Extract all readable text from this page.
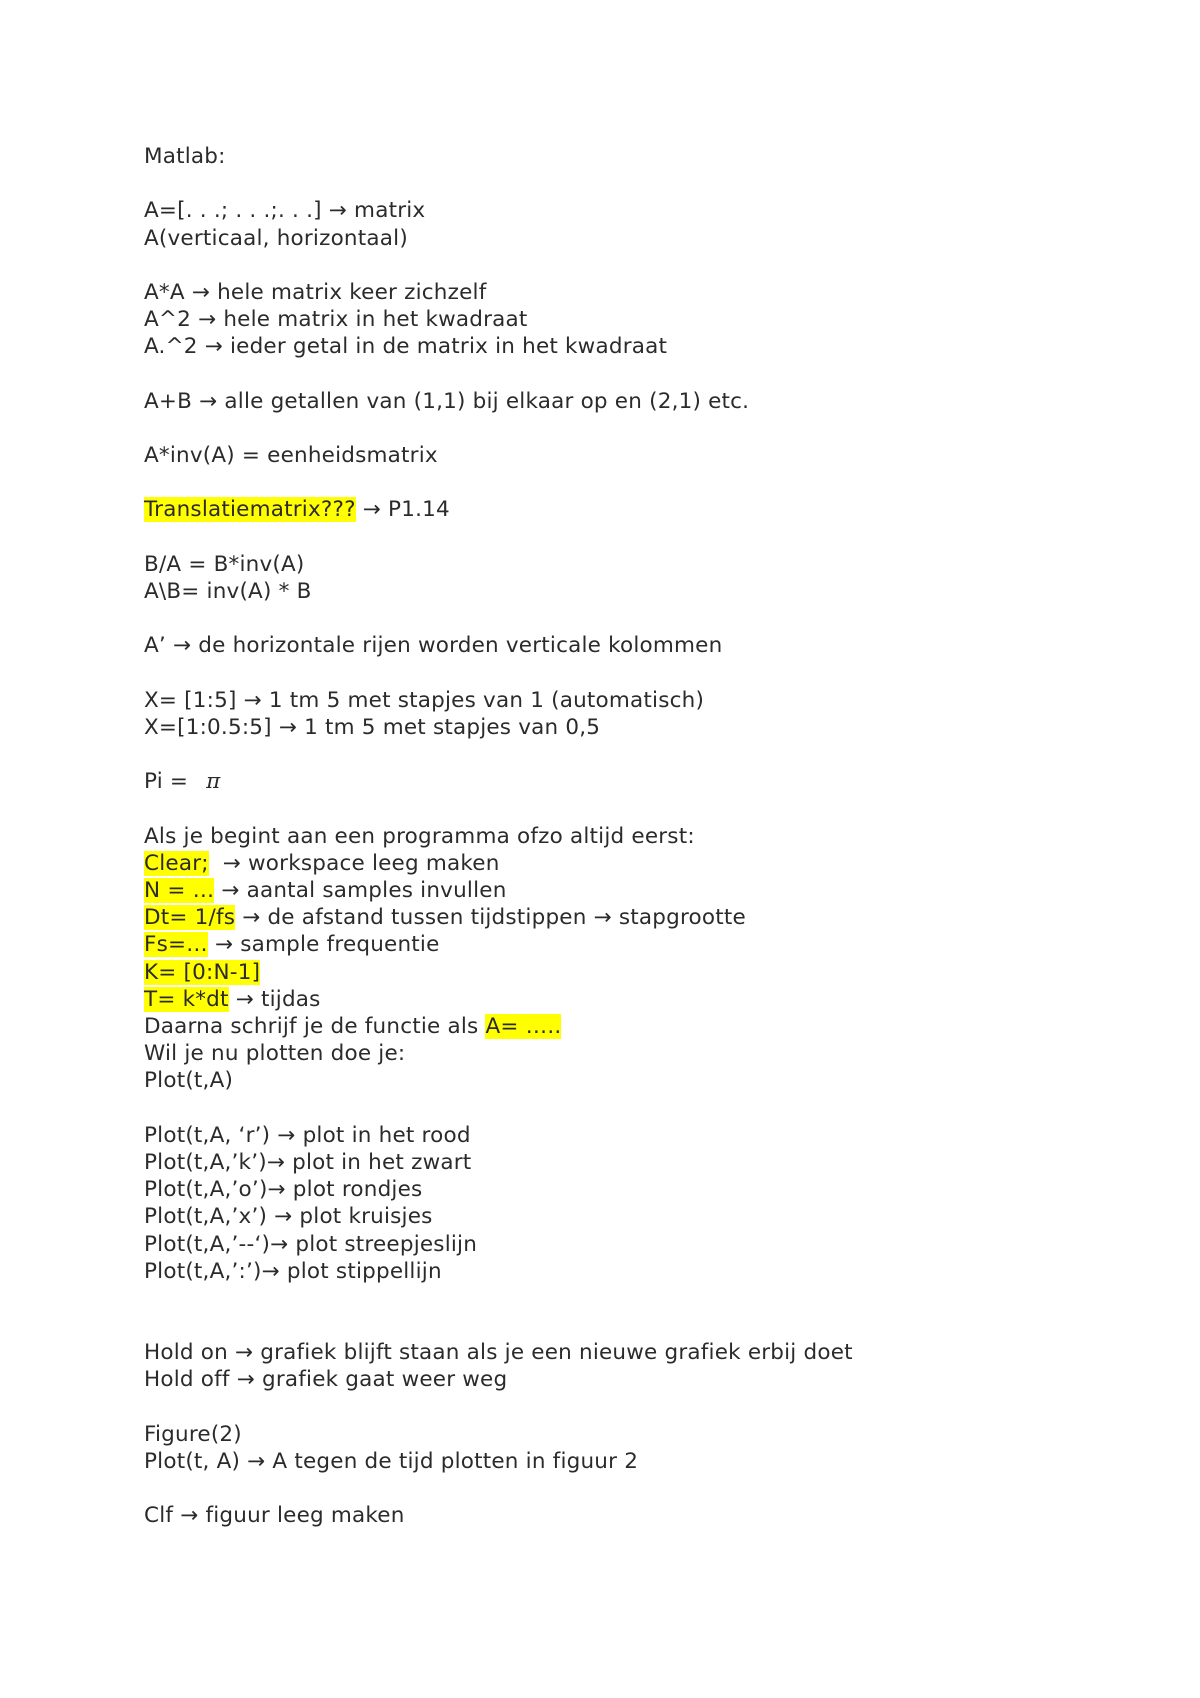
Matlab:
A=[. . .; . . .;. . .] → matrix
A(verticaal, horizontaal)
A*A → hele matrix keer zichzelf
A^2 → hele matrix in het kwadraat
A.^2 → ieder getal in de matrix in het kwadraat
A+B → alle getallen van (1,1) bij elkaar op en (2,1) etc.
A*inv(A) = eenheidsmatrix
Translatiematrix??? → P1.14
B/A = B*inv(A)
A\B= inv(A) * B
A’ → de horizontale rijen worden verticale kolommen
X= [1:5] → 1 tm 5 met stapjes van 1 (automatisch)
X=[1:0.5:5] → 1 tm 5 met stapjes van 0,5
Pi = π
Als je begint aan een programma ofzo altijd eerst:
Clear; → workspace leeg maken
N = … → aantal samples invullen
Dt= 1/fs → de afstand tussen tijdstippen → stapgrootte
Fs=… → sample frequentie
K= [0:N-1]
T= k*dt → tijdas
Daarna schrijf je de functie als A= …..
Wil je nu plotten doe je:
Plot(t,A)
Plot(t,A, ‘r’) → plot in het rood
Plot(t,A,’k’)→ plot in het zwart
Plot(t,A,’o’)→ plot rondjes
Plot(t,A,’x’) → plot kruisjes
Plot(t,A,’--‘)→ plot streepjeslijn
Plot(t,A,’:’)→ plot stippellijn
Hold on → grafiek blijft staan als je een nieuwe grafiek erbij doet
Hold off → grafiek gaat weer weg
Figure(2)
Plot(t, A) → A tegen de tijd plotten in figuur 2
Clf → figuur leeg maken
